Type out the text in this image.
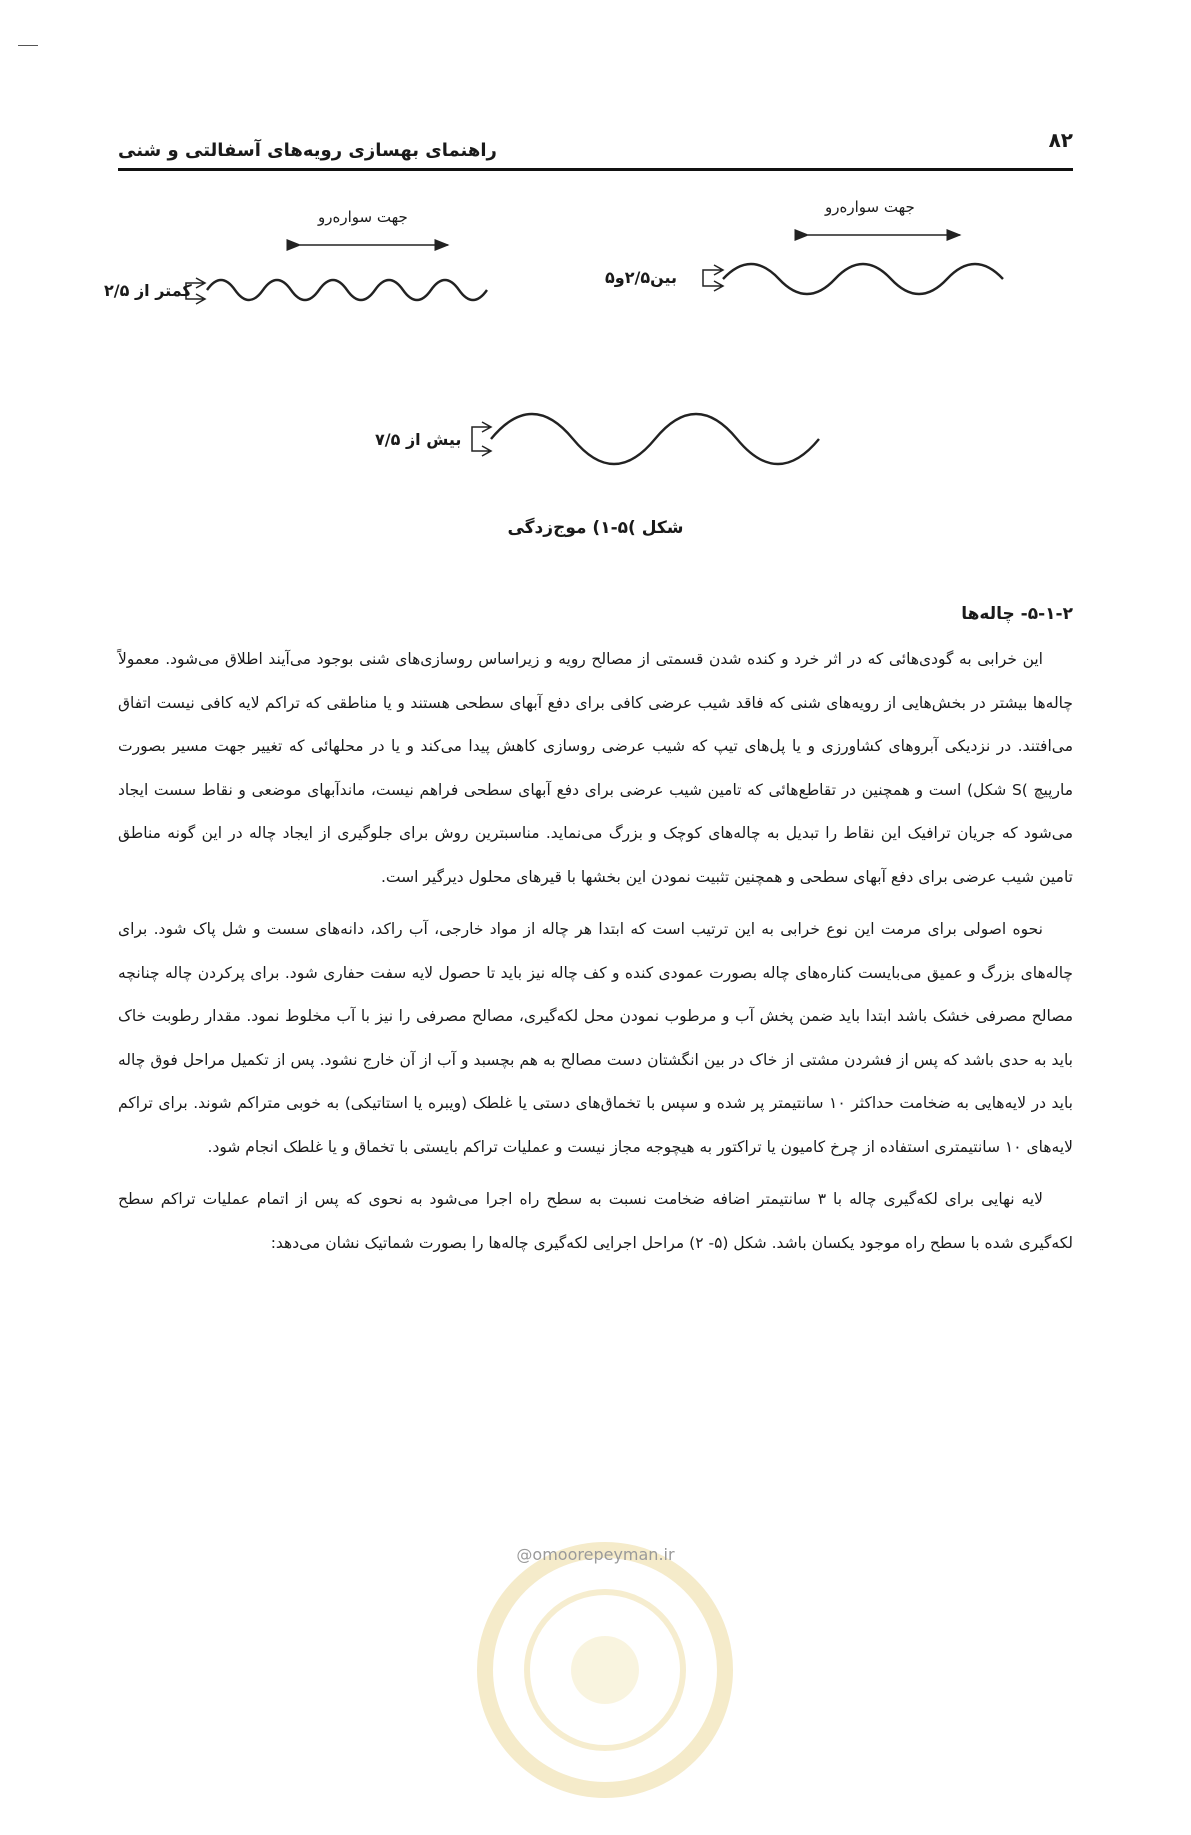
۸۲
راهنمای بهسازی رویه‌های آسفالتی و شنی
جهت سواره‌رو
جهت سواره‌رو
کمتر از ۲/۵
بین۲/۵و۵
بیش از ۷/۵
شکل )۵-۱) موج‌زدگی
۵-۱-۲- چاله‌ها

این خرابی به گودی‌هائی که در اثر خرد و کنده شدن قسمتی از مصالح رویه و زیراساس روسازی‌های شنی بوجود می‌آیند اطلاق می‌شود. معمولاً چاله‌ها بیشتر در بخش‌هایی از رویه‌های شنی که فاقد شیب عرضی کافی برای دفع آبهای سطحی هستند و یا مناطقی که تراکم لایه کافی نیست اتفاق می‌افتند. در نزدیکی آبروهای کشاورزی و یا پل‌های تیپ که شیب عرضی روسازی کاهش پیدا می‌کند و یا در محلهائی که تغییر جهت مسیر بصورت مارپیچ )S شکل) است و همچنین در تقاطع‌هائی که تامین شیب عرضی برای دفع آبهای سطحی فراهم نیست، ماندآبهای موضعی و نقاط سست ایجاد می‌شود که جریان ترافیک این نقاط را تبدیل به چاله‌های کوچک و بزرگ می‌نماید. مناسبترین روش برای جلوگیری از ایجاد چاله در این گونه مناطق تامین شیب عرضی برای دفع آبهای سطحی و همچنین تثبیت نمودن این بخشها با قیرهای محلول دیرگیر است.

نحوه اصولی برای مرمت این نوع خرابی به این ترتیب است که ابتدا هر چاله از مواد خارجی، آب راکد، دانه‌های سست و شل پاک شود. برای چاله‌های بزرگ و عمیق می‌بایست کناره‌های چاله بصورت عمودی کنده و کف چاله نیز باید تا حصول لایه سفت حفاری شود. برای پرکردن چاله چنانچه مصالح مصرفی خشک باشد ابتدا باید ضمن پخش آب و مرطوب نمودن محل لکه‌گیری، مصالح مصرفی را نیز با آب مخلوط نمود. مقدار رطوبت خاک باید به حدی باشد که پس از فشردن مشتی از خاک در بین انگشتان دست مصالح به هم بچسبد و آب از آن خارج نشود. پس از تکمیل مراحل فوق چاله باید در لایه‌هایی به ضخامت حداکثر ۱۰ سانتیمتر پر شده و سپس با تخماق‌های دستی یا غلطک (ویبره یا استاتیکی) به خوبی متراکم شوند. برای تراکم لایه‌های ۱۰ سانتیمتری استفاده از چرخ کامیون یا تراکتور به هیچوجه مجاز نیست و عملیات تراکم بایستی با تخماق و یا غلطک انجام شود.

لایه نهایی برای لکه‌گیری چاله با ۳ سانتیمتر اضافه ضخامت نسبت به سطح راه اجرا می‌شود به نحوی که پس از اتمام عملیات تراکم سطح لکه‌گیری شده با سطح راه موجود یکسان باشد. شکل (۵- ۲) مراحل اجرایی لکه‌گیری چاله‌ها را بصورت شماتیک نشان می‌دهد:

@omoorepeyman.ir
